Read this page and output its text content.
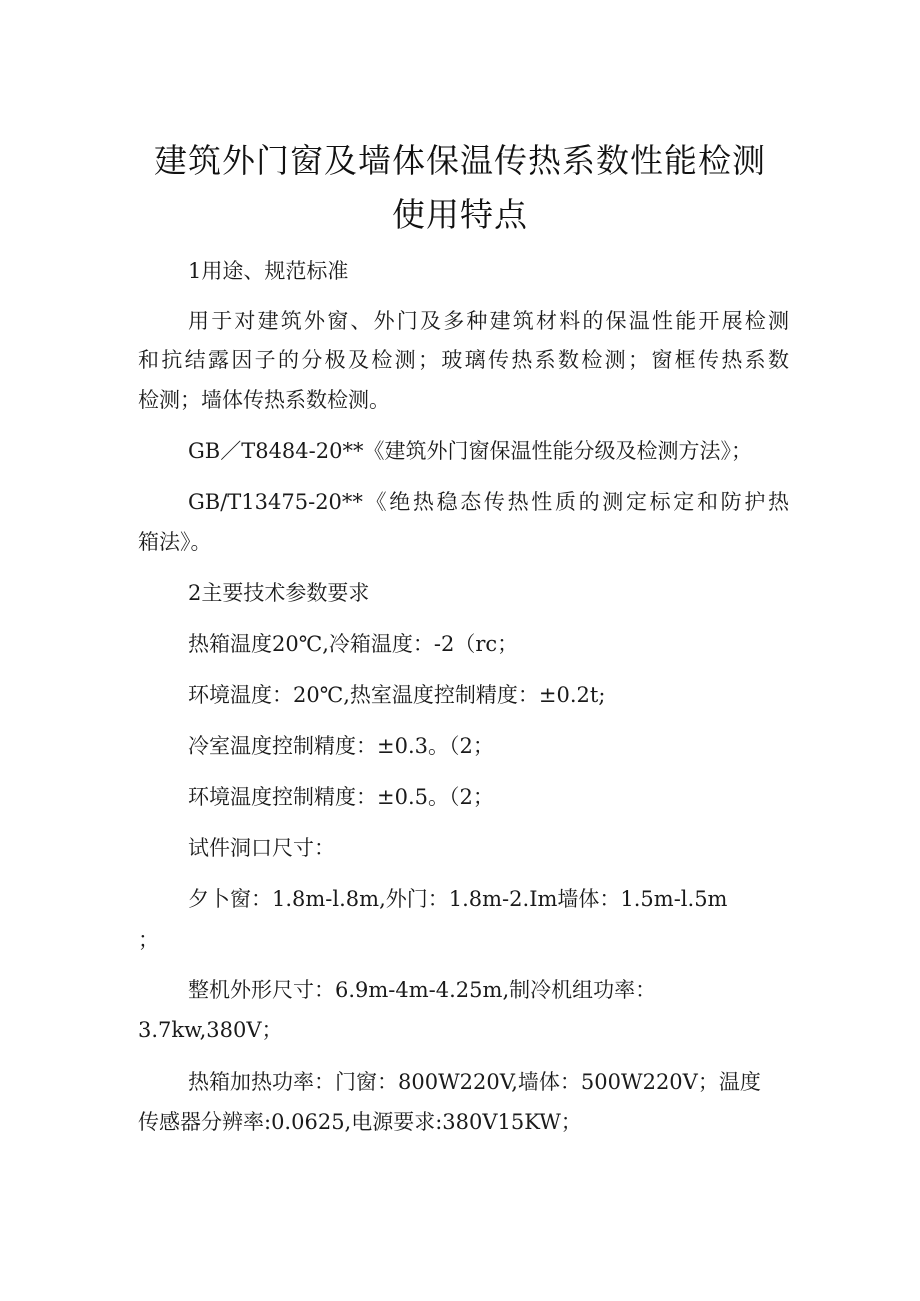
建筑外门窗及墙体保温传热系数性能检测
使用特点
1用途、规范标准
用于对建筑外窗、外门及多种建筑材料的保温性能开展检测
和抗结露因子的分极及检测；玻璃传热系数检测；窗框传热系数
检测；墙体传热系数检测。
GB／T8484-20**《建筑外门窗保温性能分级及检测方法》；
GB/T13475-20**《绝热稳态传热性质的测定标定和防护热
箱法》。
2主要技术参数要求
热箱温度20℃,冷箱温度：-2（rc；
环境温度：20℃,热室温度控制精度：±0.2t;
冷室温度控制精度：±0.3。（2；
环境温度控制精度：±0.5。（2；
试件洞口尺寸：
夕卜窗：1.8m-l.8m,外门：1.8m-2.Im墙体：1.5m-l.5m
；
整机外形尺寸：6.9m-4m-4.25m,制冷机组功率：
3.7kw,380V；
热箱加热功率：门窗：800W220V,墙体：500W220V；温度
传感器分辨率:0.0625,电源要求:380V15KW；
